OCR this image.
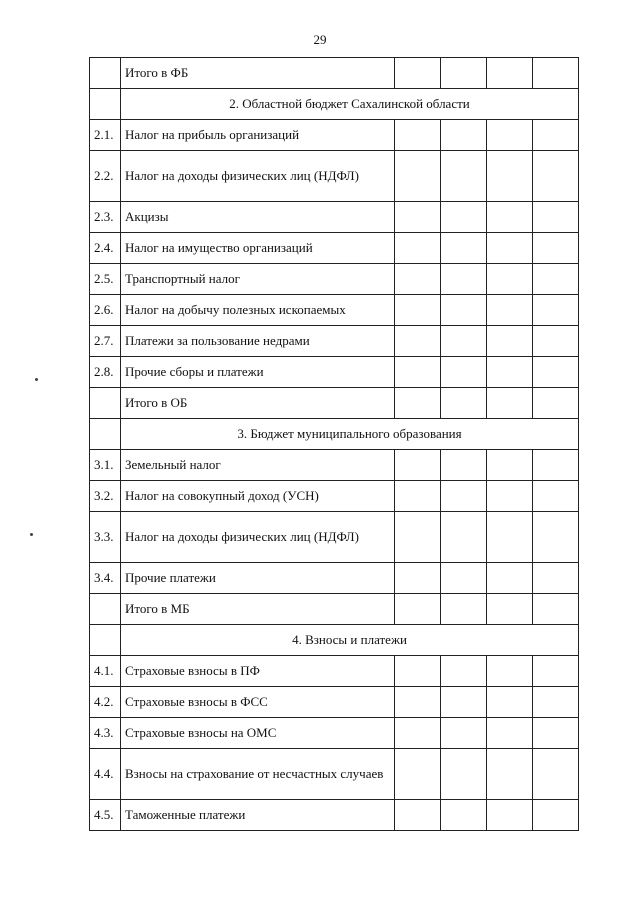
29
	Итого в ФБ				
	2. Областной бюджет Сахалинской области				
2.1.	Налог на прибыль организаций				
2.2.	Налог на доходы физических лиц (НДФЛ)				
2.3.	Акцизы				
2.4.	Налог на имущество организаций				
2.5.	Транспортный налог				
2.6.	Налог на добычу полезных ископаемых				
2.7.	Платежи за пользование недрами				
2.8.	Прочие сборы и платежи				
	Итого в ОБ				
	3. Бюджет муниципального образования				
3.1.	Земельный налог				
3.2.	Налог на совокупный доход (УСН)				
3.3.	Налог на доходы физических лиц (НДФЛ)				
3.4.	Прочие платежи				
	Итого в МБ				
	4. Взносы и платежи				
4.1.	Страховые взносы в ПФ				
4.2.	Страховые взносы в ФСС				
4.3.	Страховые взносы на ОМС				
4.4.	Взносы на страхование от несчастных случаев				
4.5.	Таможенные платежи				
